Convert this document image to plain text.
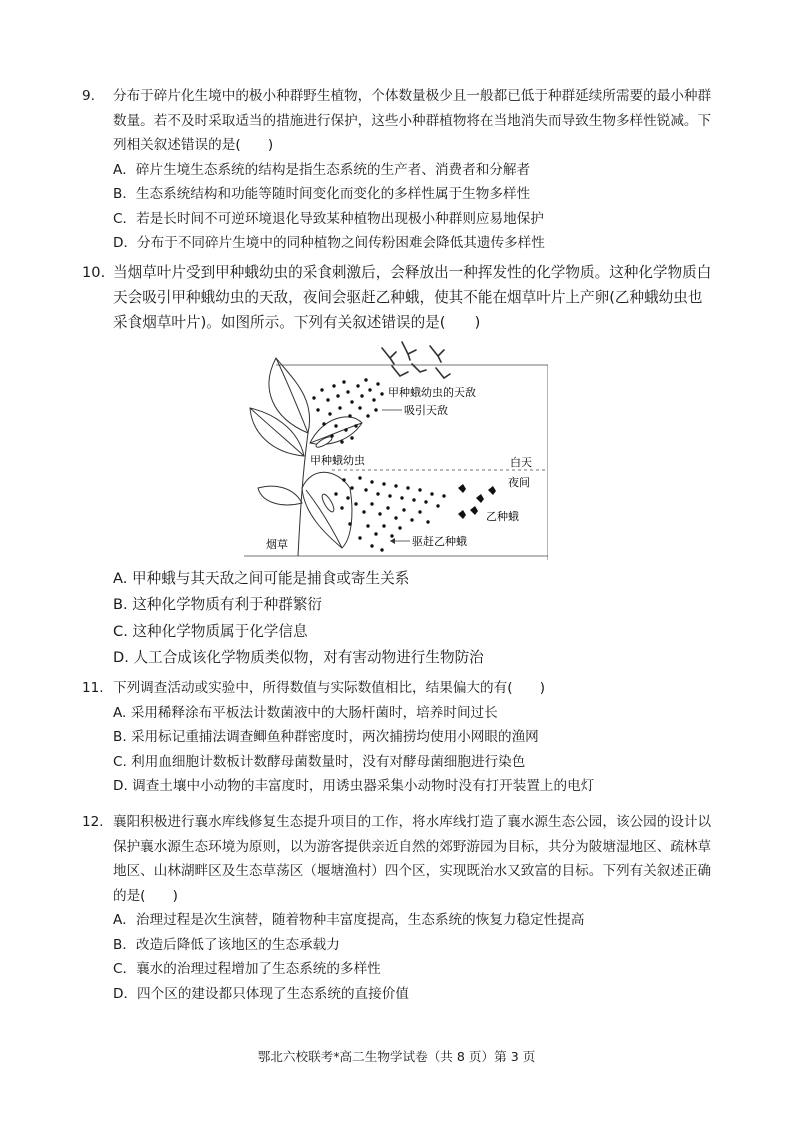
9. 分布于碎片化生境中的极小种群野生植物，个体数量极少且一般都已低于种群延续所需要的最小种群数量。若不及时采取适当的措施进行保护，这些小种群植物将在当地消失而导致生物多样性锐减。下列相关叙述错误的是(　　)
A．碎片生境生态系统的结构是指生态系统的生产者、消费者和分解者
B．生态系统结构和功能等随时间变化而变化的多样性属于生物多样性
C．若是长时间不可逆环境退化导致某种植物出现极小种群则应易地保护
D．分布于不同碎片生境中的同种植物之间传粉困难会降低其遗传多样性
10. 当烟草叶片受到甲种蛾幼虫的采食刺激后，会释放出一种挥发性的化学物质。这种化学物质白天会吸引甲种蛾幼虫的天敌，夜间会驱赶乙种蛾，使其不能在烟草叶片上产卵(乙种蛾幼虫也采食烟草叶片)。如图所示。下列有关叙述错误的是(　　)
甲种蛾幼虫的天敌
吸引天敌
甲种蛾幼虫	白天
夜间
乙种蛾
烟草	驱赶乙种蛾
A. 甲种蛾与其天敌之间可能是捕食或寄生关系
B. 这种化学物质有利于种群繁衍
C. 这种化学物质属于化学信息
D. 人工合成该化学物质类似物，对有害动物进行生物防治
11. 下列调查活动或实验中，所得数值与实际数值相比，结果偏大的有(　　)
A. 采用稀释涂布平板法计数菌液中的大肠杆菌时，培养时间过长
B. 采用标记重捕法调查鲫鱼种群密度时，两次捕捞均使用小网眼的渔网
C. 利用血细胞计数板计数酵母菌数量时，没有对酵母菌细胞进行染色
D. 调查土壤中小动物的丰富度时，用诱虫器采集小动物时没有打开装置上的电灯
12. 襄阳积极进行襄水库线修复生态提升项目的工作，将水库线打造了襄水源生态公园，该公园的设计以保护襄水源生态环境为原则，以为游客提供亲近自然的郊野游园为目标，共分为陂塘湿地区、疏林草地区、山林湖畔区及生态草荡区（堰塘渔村）四个区，实现既治水又致富的目标。下列有关叙述正确的是(　　)
A．治理过程是次生演替，随着物种丰富度提高，生态系统的恢复力稳定性提高
B．改造后降低了该地区的生态承载力
C．襄水的治理过程增加了生态系统的多样性
D．四个区的建设都只体现了生态系统的直接价值
鄂北六校联考*高二生物学试卷（共 8 页）第 3 页
